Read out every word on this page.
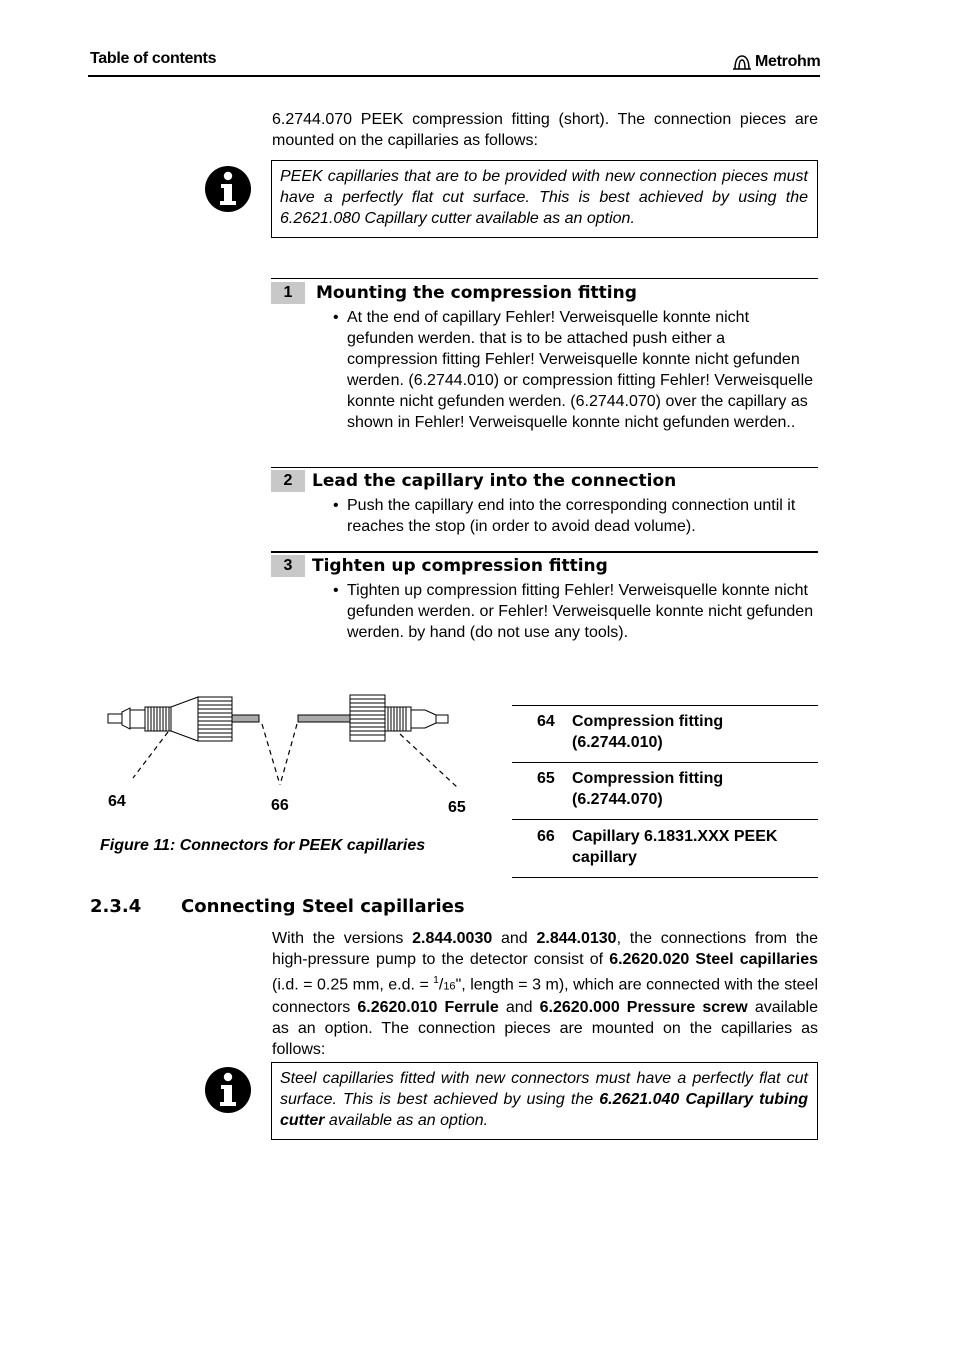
Table of contents	Metrohm
6.2744.070 PEEK compression fitting (short). The connection pieces are mounted on the capillaries as follows:
PEEK capillaries that are to be provided with new connection pieces must have a perfectly flat cut surface. This is best achieved by using the 6.2621.080 Capillary cutter available as an option.
1	Mounting the compression fitting
• At the end of capillary Fehler! Verweisquelle konnte nicht gefunden werden. that is to be attached push either a compression fitting Fehler! Verweisquelle konnte nicht gefunden werden. (6.2744.010) or compression fitting Fehler! Verweisquelle konnte nicht gefunden werden. (6.2744.070) over the capillary as shown in Fehler! Verweisquelle konnte nicht gefunden werden..
2	Lead the capillary into the connection
• Push the capillary end into the corresponding connection until it reaches the stop (in order to avoid dead volume).
3	Tighten up compression fitting
• Tighten up compression fitting Fehler! Verweisquelle konnte nicht gefunden werden. or Fehler! Verweisquelle konnte nicht gefunden werden. by hand (do not use any tools).
64	66	65
Figure 11: Connectors for PEEK capillaries
64 Compression fitting (6.2744.010)
65 Compression fitting (6.2744.070)
66 Capillary 6.1831.XXX PEEK capillary
2.3.4 Connecting Steel capillaries
With the versions 2.844.0030 and 2.844.0130, the connections from the high-pressure pump to the detector consist of 6.2620.020 Steel capillaries (i.d. = 0.25 mm, e.d. = $^1$/16", length = 3 m), which are connected with the steel connectors 6.2620.010 Ferrule and 6.2620.000 Pressure screw available as an option. The connection pieces are mounted on the capillaries as follows:
Steel capillaries fitted with new connectors must have a perfectly flat cut surface. This is best achieved by using the 6.2621.040 Capillary tubing cutter available as an option.
